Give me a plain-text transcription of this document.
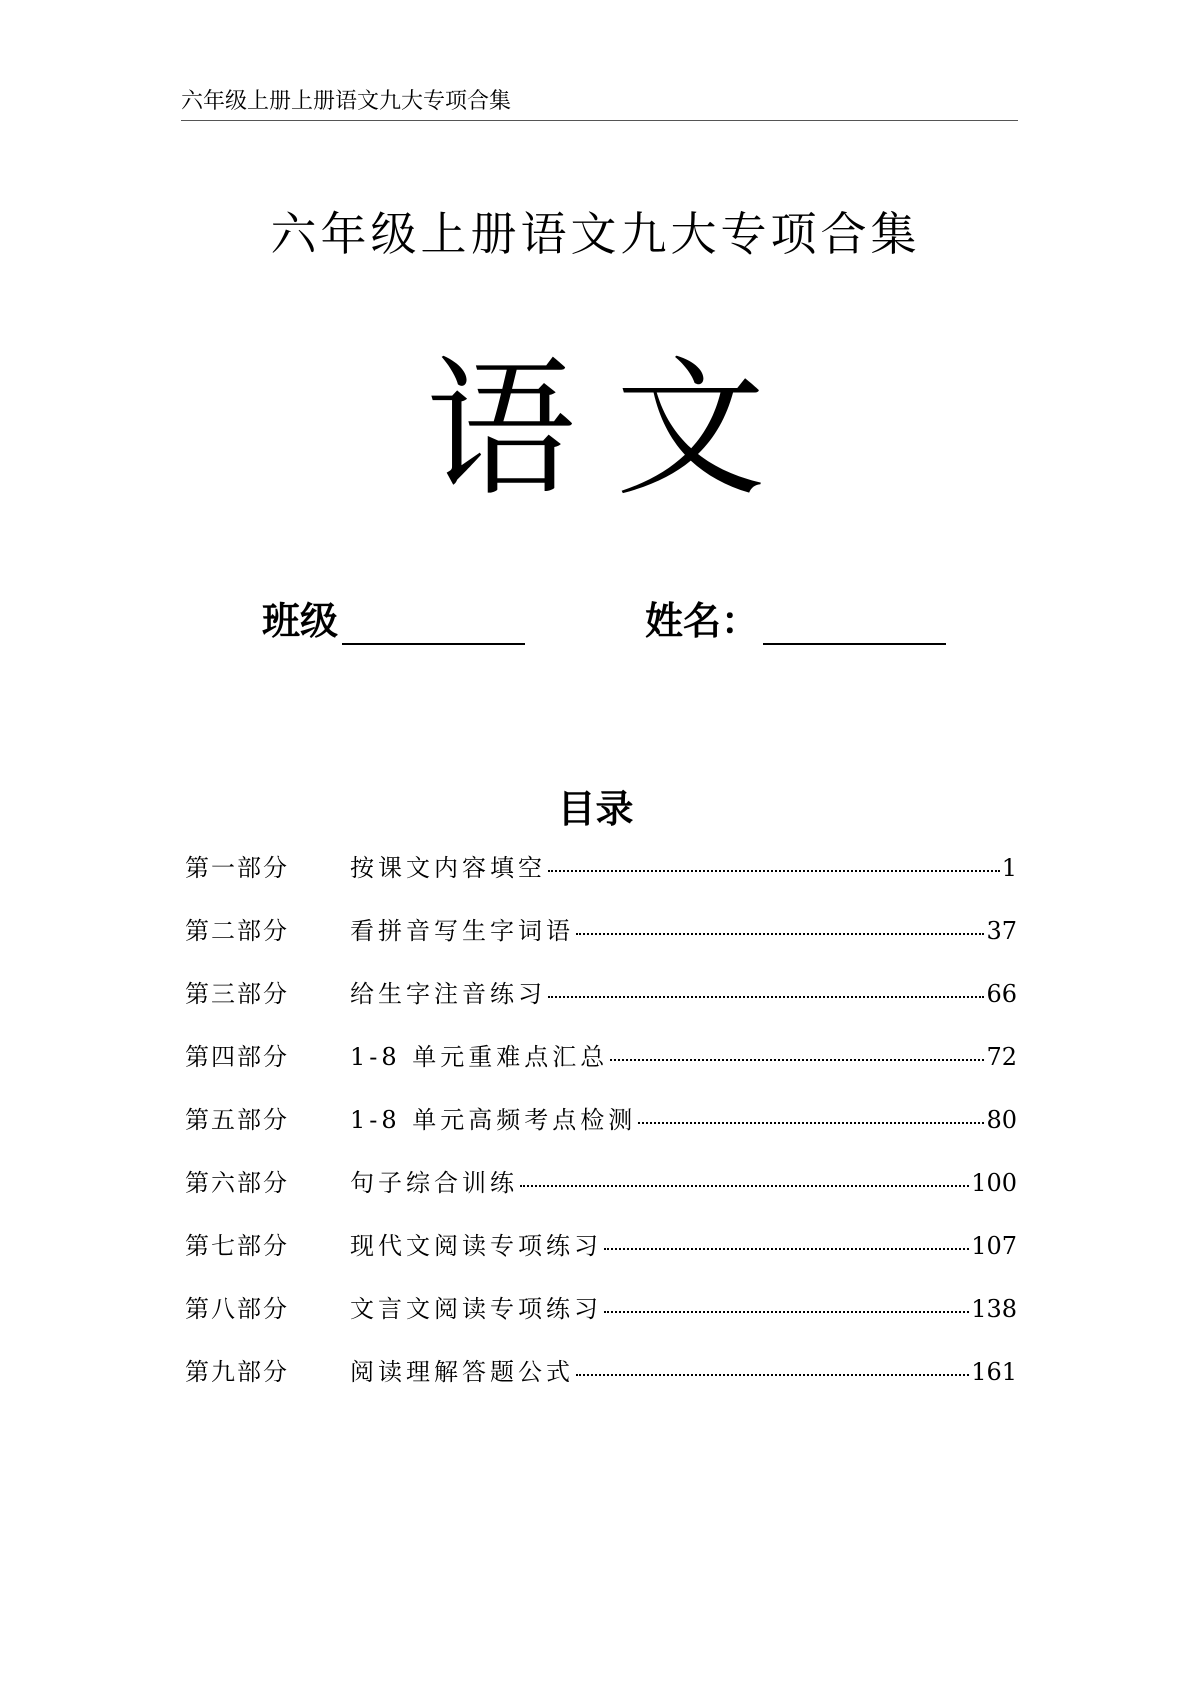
六年级上册上册语文九大专项合集
六年级上册语文九大专项合集
语文
班级	姓名：
目录
第一部分	按课文内容填空	1
第二部分	看拼音写生字词语	37
第三部分	给生字注音练习	66
第四部分	1-8 单元重难点汇总	72
第五部分	1-8 单元高频考点检测	80
第六部分	句子综合训练	100
第七部分	现代文阅读专项练习	107
第八部分	文言文阅读专项练习	138
第九部分	阅读理解答题公式	161
